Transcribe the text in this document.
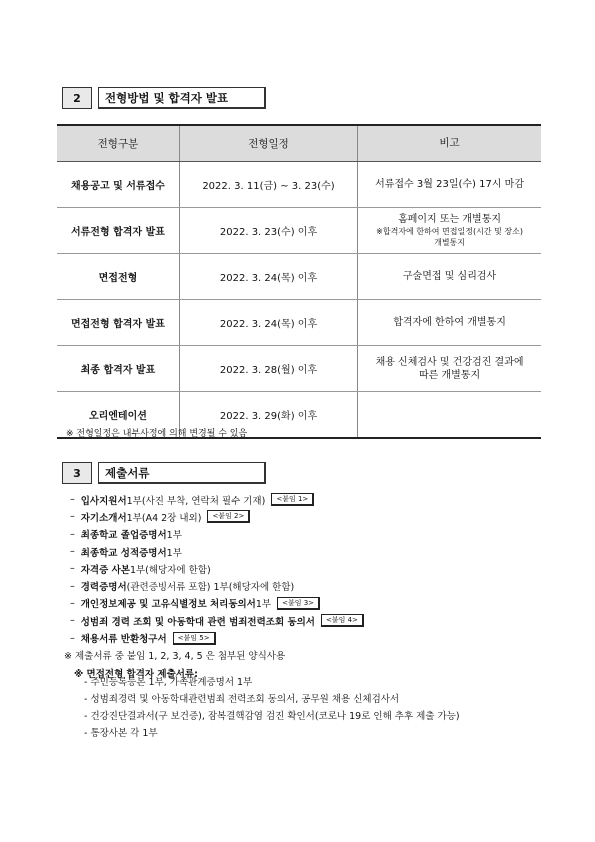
2	전형방법 및 합격자 발표
전형구분	전형일정	비고
채용공고 및 서류접수	2022. 3. 11(금) ~ 3. 23(수)	서류접수 3월 23일(수) 17시 마감
서류전형 합격자 발표	2022. 3. 23(수) 이후	홈페이지 또는 개별통지
※합격자에 한하여 면접일정(시간 및 장소)
개별통지

면접전형	2022. 3. 24(목) 이후	구술면접 및 심리검사
면접전형 합격자 발표	2022. 3. 24(목) 이후	합격자에 한하여 개별통지
최종 합격자 발표	2022. 3. 28(월) 이후	채용 신체검사 및 건강검진 결과에
따른 개별통지

오리엔테이션	2022. 3. 29(화) 이후	
※ 전형일정은 내부사정에 의해 변경될 수 있음
3	제출서류
– 입사지원서 1부(사진 부착, 연락처 필수 기재)	<붙임 1>
– 자기소개서 1부(A4 2장 내외)	<붙임 2>
– 최종학교 졸업증명서 1부
– 최종학교 성적증명서 1부
– 자격증 사본 1부(해당자에 한함)
– 경력증명서 (관련증빙서류 포함) 1부(해당자에 한함)
– 개인정보제공 및 고유식별정보 처리동의서 1부	<붙임 3>
– 성범죄 경력 조회 및 아동학대 관련 범죄전력조회 동의서	<붙임 4>
– 채용서류 반환청구서	<붙임 5>
※ 제출서류 중 붙임 1, 2, 3, 4, 5 은 첨부된 양식사용
※ 면접전형 합격자 제출서류:
- 주민등록등본 1부, 가족관계증명서 1부
- 성범죄경력 및 아동학대관련범죄 전력조회 동의서, 공무원 채용 신체검사서
- 건강진단결과서(구 보건증), 잠복결핵감염 검진 확인서(코로나 19로 인해 추후 제출 가능)
- 통장사본 각 1부
